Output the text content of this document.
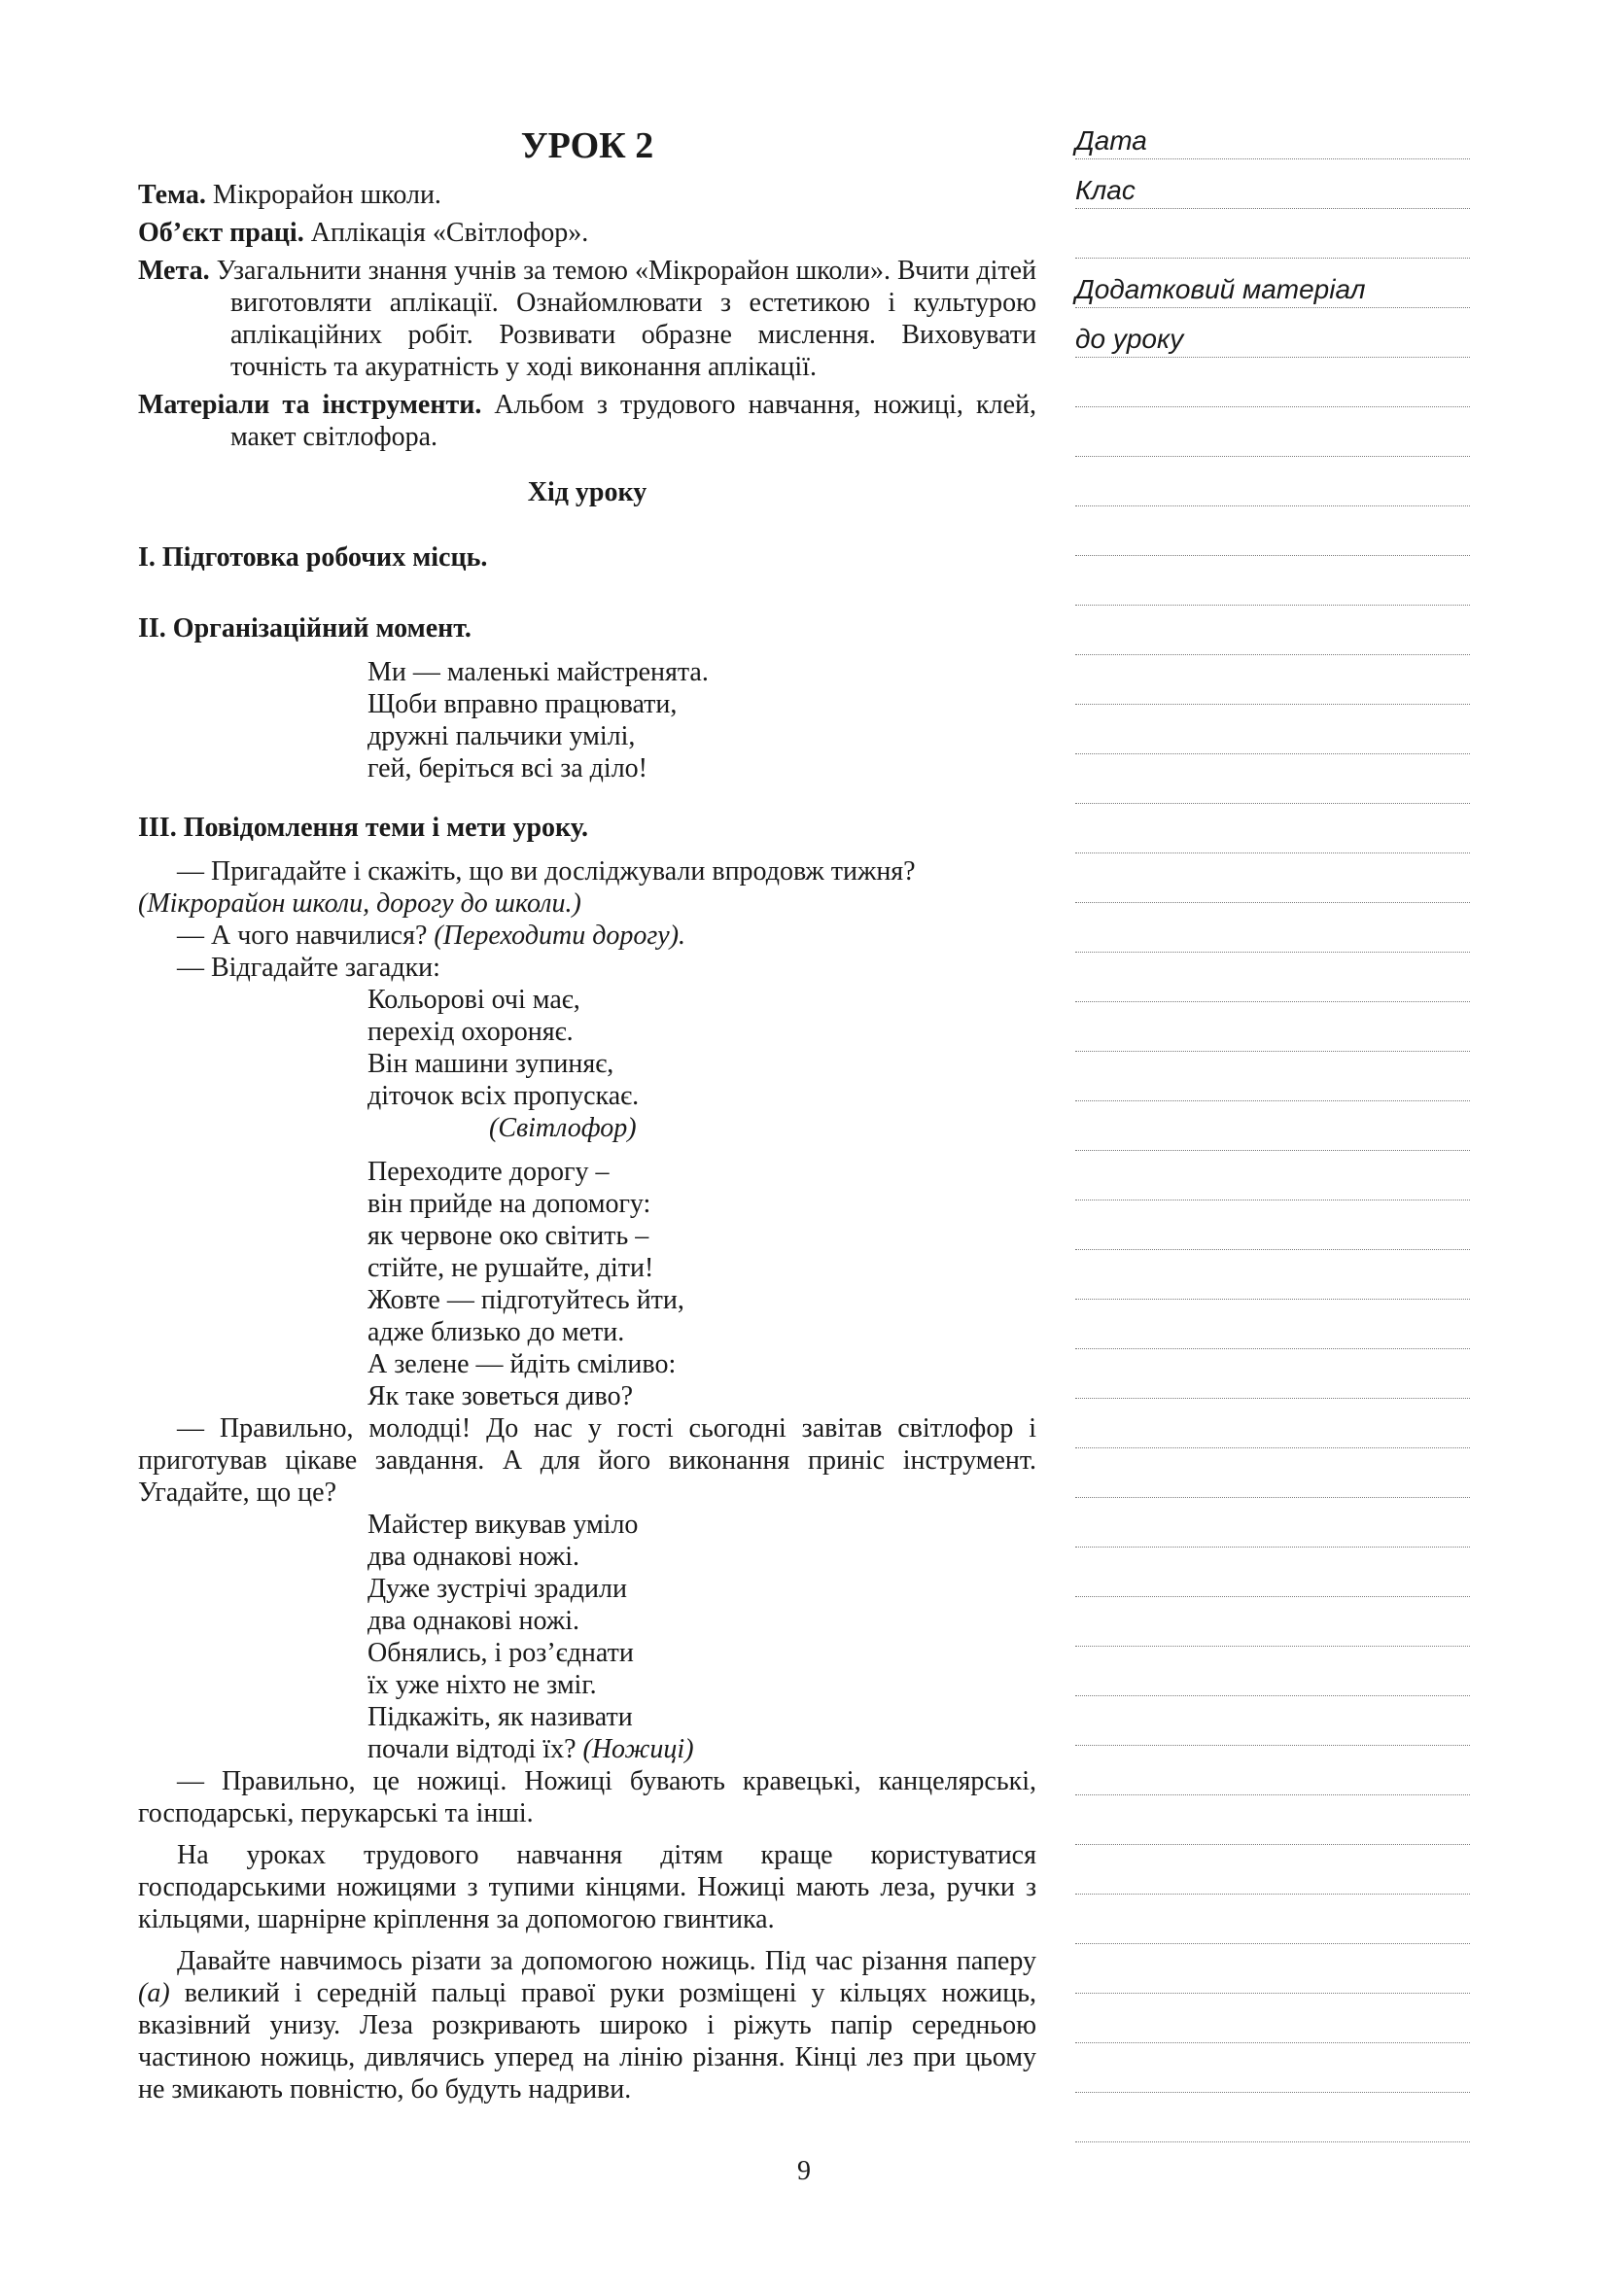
УРОК 2

Тема. Мікрорайон школи.

Об’єкт праці. Аплікація «Світлофор».

Мета. Узагальнити знання учнів за темою «Мікрорайон школи». Вчити дітей виготовляти аплікації. Ознайомлювати з естетикою і культурою аплікаційних робіт. Розвивати образне мислення. Виховувати точність та акуратність у ході виконання аплікації.

Матеріали та інструменти. Альбом з трудового навчання, ножиці, клей, макет світлофора.

Хід уроку
І. Підготовка робочих місць.
ІІ. Організаційний момент.
Ми — маленькі майстренята.
Щоби вправно працювати,
дружні пальчики умілі,
гей, беріться всі за діло!
ІІІ. Повідомлення теми і мети уроку.

— Пригадайте і скажіть, що ви досліджували впродовж тижня?

(Мікрорайон школи, дорогу до школи.)

— А чого навчилися? (Переходити дорогу).

— Відгадайте загадки:

Кольорові очі має,
перехід охороняє.
Він машини зупиняє,
діточок всіх пропускає.
(Світлофор)
Переходите дорогу –
він прийде на допомогу:
як червоне око світить –
стійте, не рушайте, діти!
Жовте — підготуйтесь йти,
адже близько до мети.
А зелене — йдіть сміливо:
Як таке зоветься диво?

— Правильно, молодці! До нас у гості сьогодні завітав світлофор і приготував цікаве завдання. А для його виконання приніс інструмент. Угадайте, що це?

Майстер викував уміло
два однакові ножі.
Дуже зустрічі зрадили
два однакові ножі.
Обнялись, і роз’єднати
їх уже ніхто не зміг.
Підкажіть, як називати
почали відтоді їх? (Ножиці)

— Правильно, це ножиці. Ножиці бувають кравецькі, канцелярські, господарські, перукарські та інші.

На уроках трудового навчання дітям краще користуватися господарськими ножицями з тупими кінцями. Ножиці мають леза, ручки з кільцями, шарнірне кріплення за допомогою гвинтика.

Давайте навчимось різати за допомогою ножиць. Під час різання паперу (а) великий і середній пальці правої руки розміщені у кільцях ножиць, вказівний унизу. Леза розкривають широко і ріжуть папір середньою частиною ножиць, дивлячись уперед на лінію різання. Кінці лез при цьому не змикають повністю, бо будуть надриви.

9
Дата
Клас
Додатковий матеріал
до уроку
